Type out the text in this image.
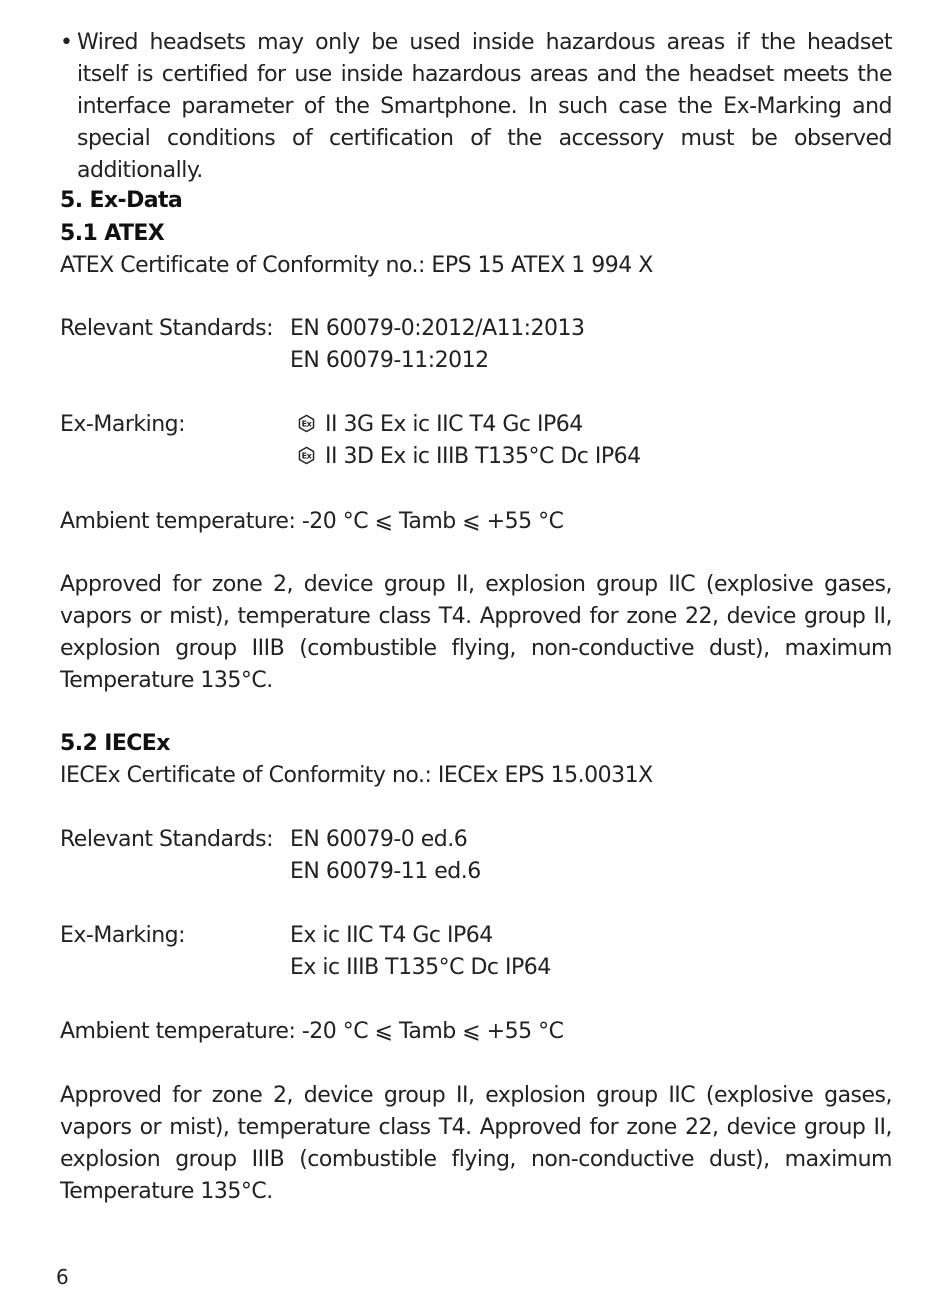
• Wired headsets may only be used inside hazardous areas if the headset itself is certified for use inside hazardous areas and the headset meets the interface parameter of the Smartphone. In such case the Ex-Marking and special conditions of certification of the accessory must be observed additionally.
5. Ex-Data
5.1 ATEX
ATEX Certificate of Conformity no.: EPS 15 ATEX 1 994 X
Relevant Standards: EN 60079-0:2012/A11:2013
EN 60079-11:2012
Ex-Marking:	Ex II 3G Ex ic IIC T4 Gc IP64
Ex II 3D Ex ic IIIB T135°C Dc IP64
Ambient temperature: -20 °C ⩽ Tamb ⩽ +55 °C
Approved for zone 2, device group II, explosion group IIC (explosive gases, vapors or mist), temperature class T4. Approved for zone 22, device group II, explosion group IIIB (combustible flying, non-conductive dust), maximum Temperature 135°C.
5.2 IECEx
IECEx Certificate of Conformity no.: IECEx EPS 15.0031X
Relevant Standards: EN 60079-0 ed.6
EN 60079-11 ed.6
Ex-Marking:	Ex ic IIC T4 Gc IP64
Ex ic IIIB T135°C Dc IP64
Ambient temperature: -20 °C ⩽ Tamb ⩽ +55 °C
Approved for zone 2, device group II, explosion group IIC (explosive gases, vapors or mist), temperature class T4. Approved for zone 22, device group II, explosion group IIIB (combustible flying, non-conductive dust), maximum Temperature 135°C.
6
